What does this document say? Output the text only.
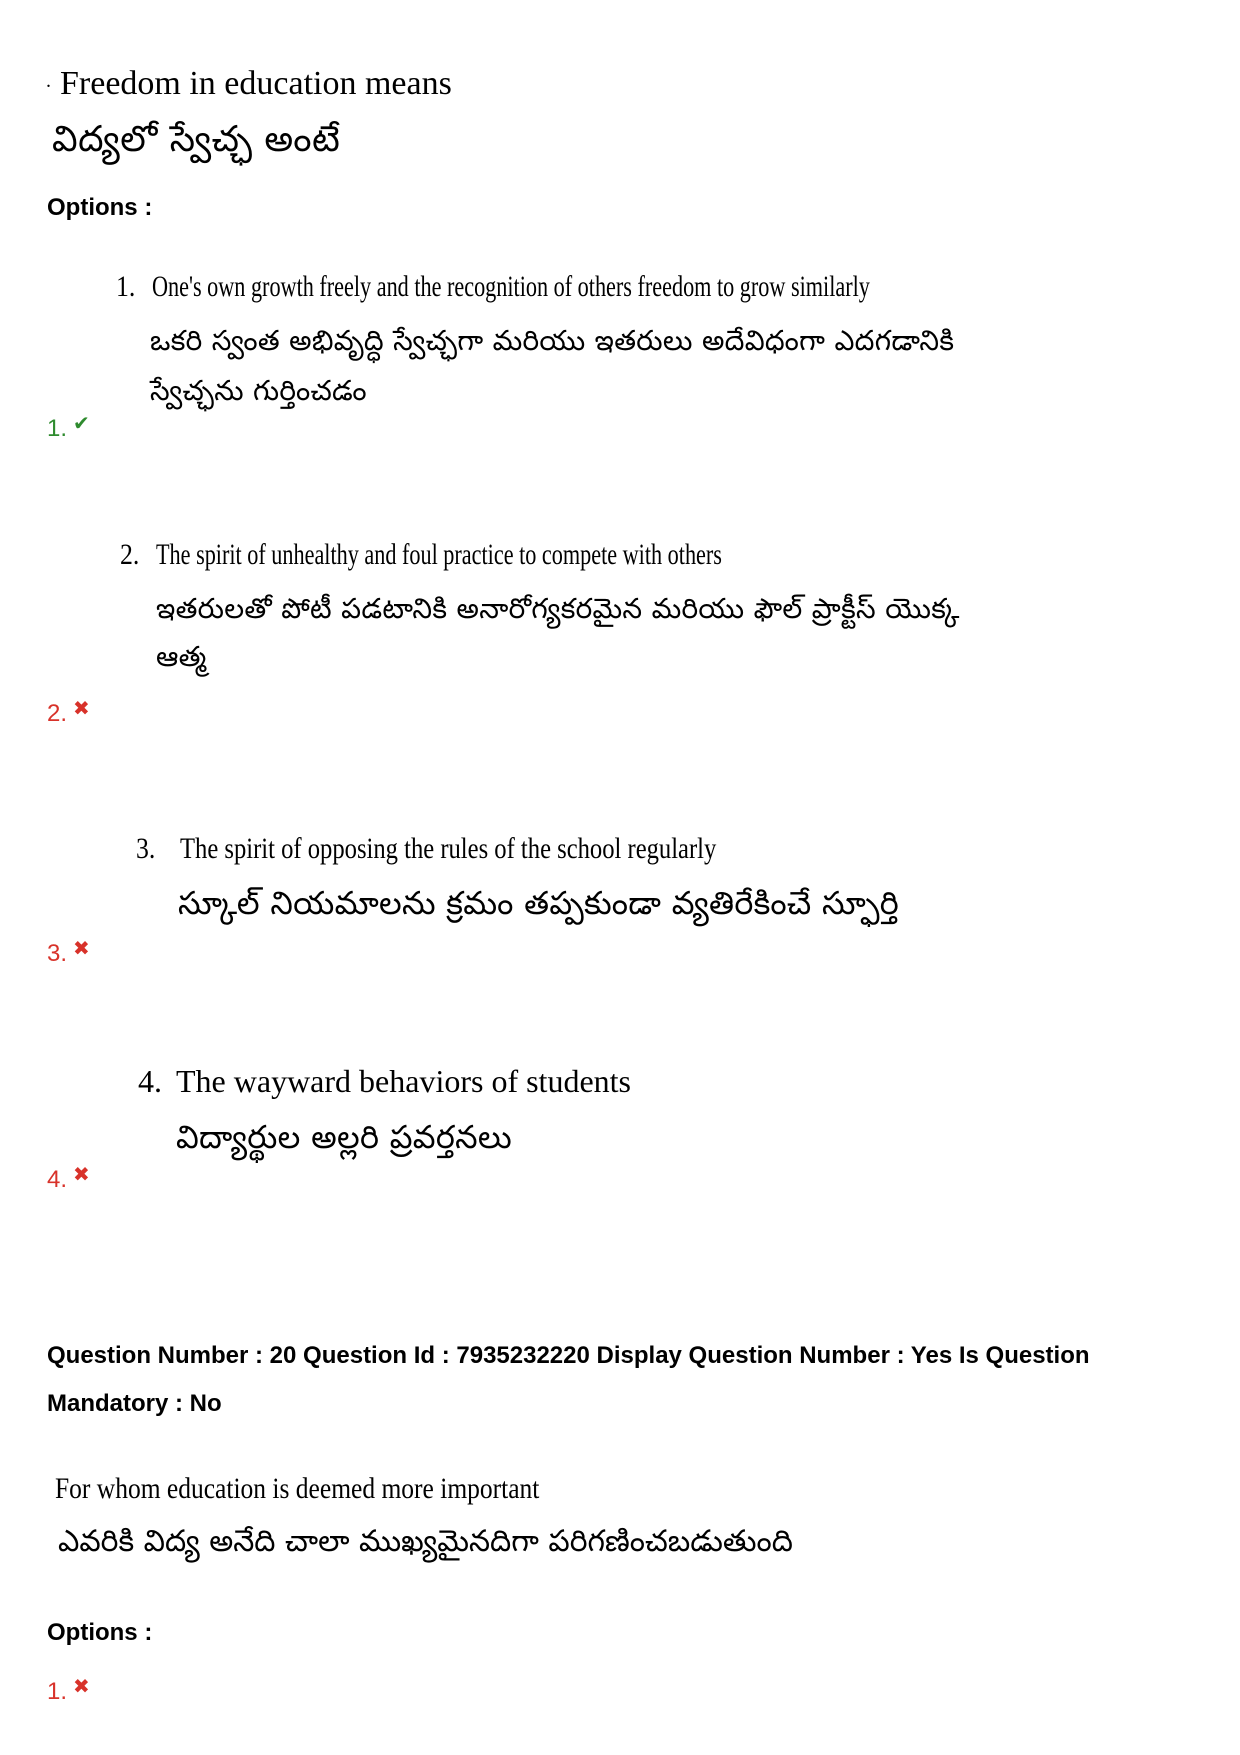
. Freedom in education means
విద్యలో స్వేచ్ఛ అంటే
Options :
1. One's own growth freely and the recognition of others freedom to grow similarly
ఒకరి స్వంత అభివృద్ధి స్వేచ్ఛగా మరియు ఇతరులు అదేవిధంగా ఎదగడానికి
స్వేచ్ఛను గుర్తించడం
1. ✔
2. The spirit of unhealthy and foul practice to compete with others
ఇతరులతో పోటీ పడటానికి అనారోగ్యకరమైన మరియు ఫౌల్ ప్రాక్టీస్ యొక్క
ఆత్మ
2. ✖
3. The spirit of opposing the rules of the school regularly
స్కూల్ నియమాలను క్రమం తప్పకుండా వ్యతిరేకించే స్ఫూర్తి
3. ✖
4. The wayward behaviors of students
విద్యార్థుల అల్లరి ప్రవర్తనలు
4. ✖
Question Number : 20 Question Id : 7935232220 Display Question Number : Yes Is Question
Mandatory : No
For whom education is deemed more important
ఎవరికి విద్య అనేది చాలా ముఖ్యమైనదిగా పరిగణించబడుతుంది
Options :
1. ✖
